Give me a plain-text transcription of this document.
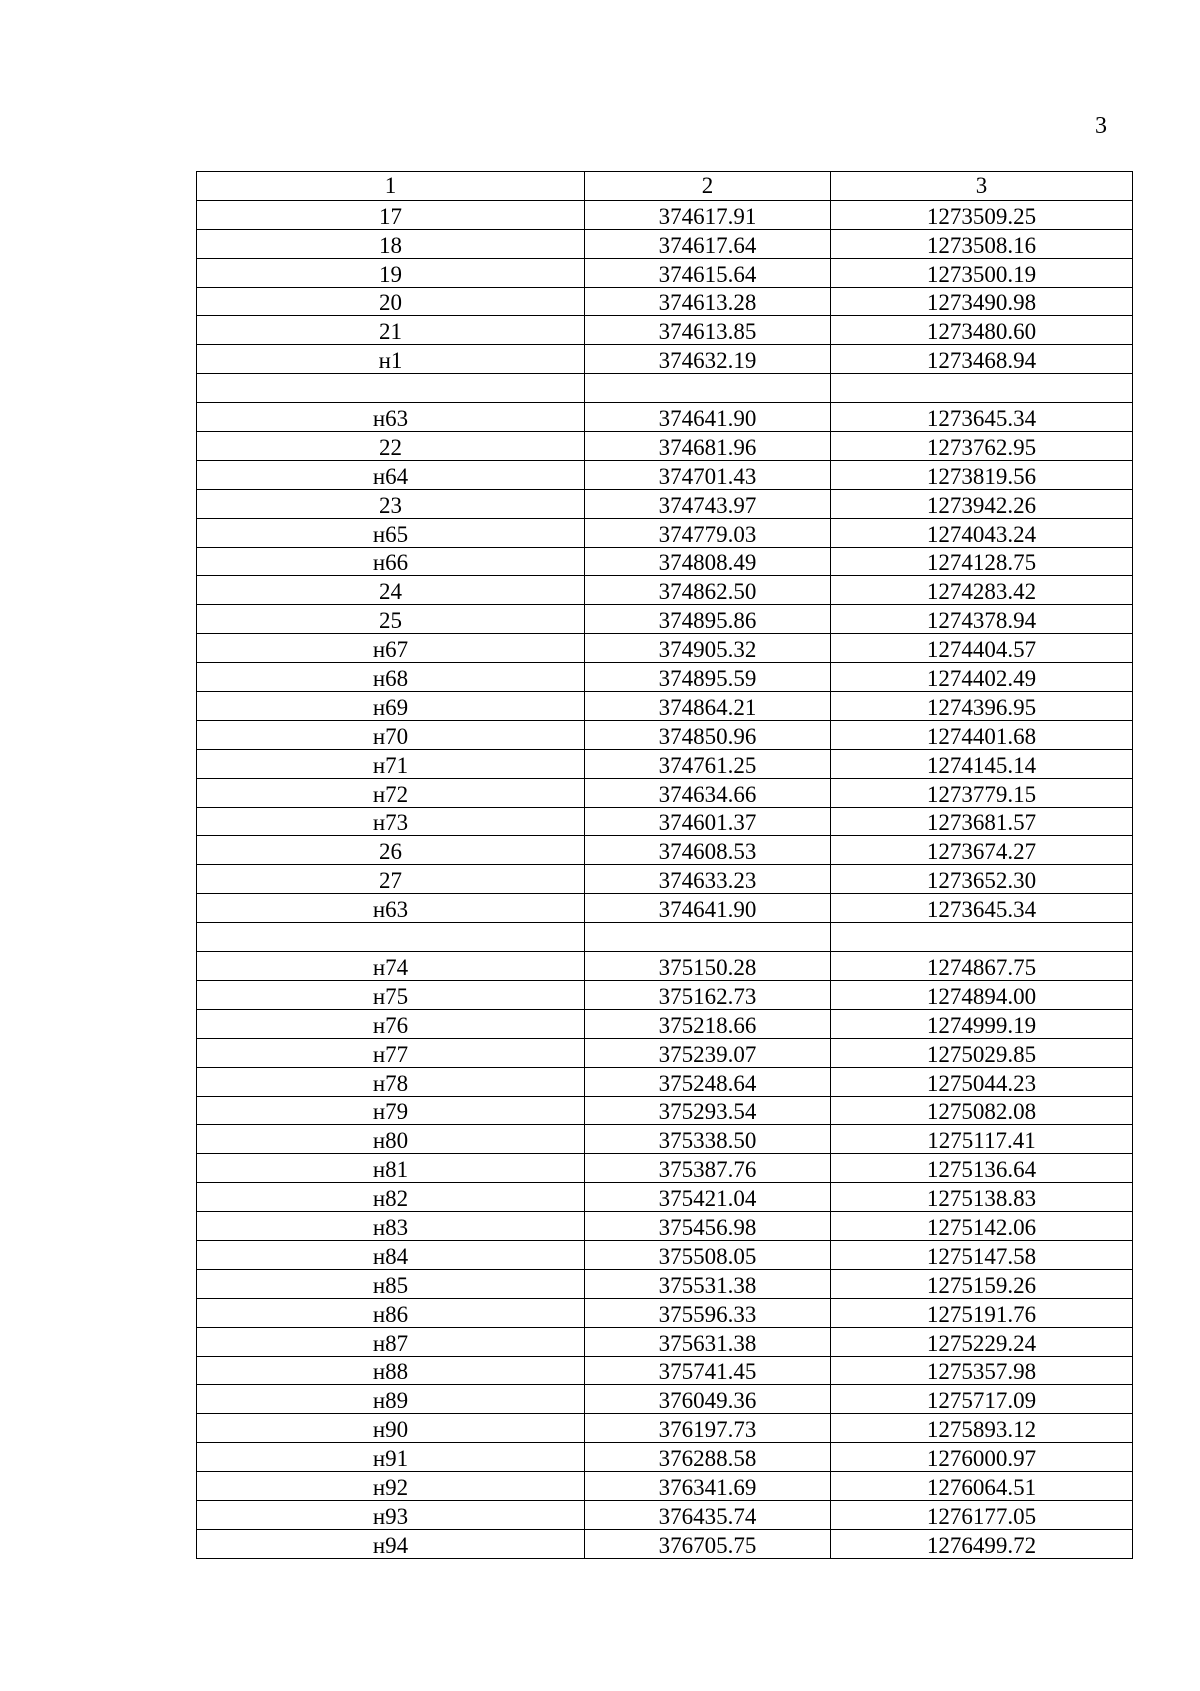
3
1	2	3
17	374617.91	1273509.25
18	374617.64	1273508.16
19	374615.64	1273500.19
20	374613.28	1273490.98
21	374613.85	1273480.60
н1	374632.19	1273468.94

н63	374641.90	1273645.34
22	374681.96	1273762.95
н64	374701.43	1273819.56
23	374743.97	1273942.26
н65	374779.03	1274043.24
н66	374808.49	1274128.75
24	374862.50	1274283.42
25	374895.86	1274378.94
н67	374905.32	1274404.57
н68	374895.59	1274402.49
н69	374864.21	1274396.95
н70	374850.96	1274401.68
н71	374761.25	1274145.14
н72	374634.66	1273779.15
н73	374601.37	1273681.57
26	374608.53	1273674.27
27	374633.23	1273652.30
н63	374641.90	1273645.34

н74	375150.28	1274867.75
н75	375162.73	1274894.00
н76	375218.66	1274999.19
н77	375239.07	1275029.85
н78	375248.64	1275044.23
н79	375293.54	1275082.08
н80	375338.50	1275117.41
н81	375387.76	1275136.64
н82	375421.04	1275138.83
н83	375456.98	1275142.06
н84	375508.05	1275147.58
н85	375531.38	1275159.26
н86	375596.33	1275191.76
н87	375631.38	1275229.24
н88	375741.45	1275357.98
н89	376049.36	1275717.09
н90	376197.73	1275893.12
н91	376288.58	1276000.97
н92	376341.69	1276064.51
н93	376435.74	1276177.05
н94	376705.75	1276499.72
